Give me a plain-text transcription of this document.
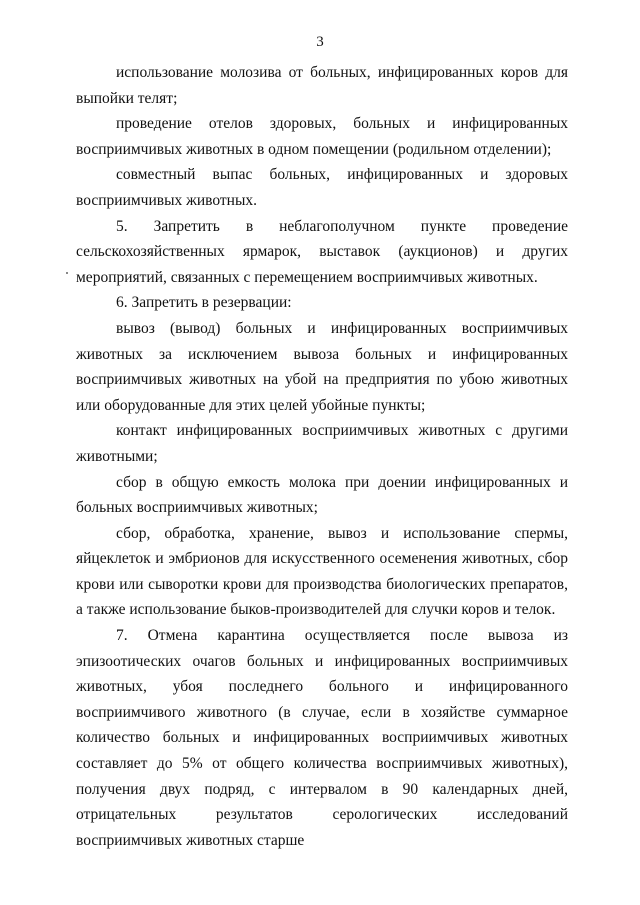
3

использование молозива от больных, инфицированных коров для выпойки телят;

проведение отелов здоровых, больных и инфицированных восприимчивых животных в одном помещении (родильном отделении);

совместный выпас больных, инфицированных и здоровых восприимчивых животных.

5. Запретить в неблагополучном пункте проведение сельскохозяйственных ярмарок, выставок (аукционов) и других мероприятий, связанных с перемещением восприимчивых животных.

6. Запретить в резервации:

вывоз (вывод) больных и инфицированных восприимчивых животных за исключением вывоза больных и инфицированных восприимчивых животных на убой на предприятия по убою животных или оборудованные для этих целей убойные пункты;

контакт инфицированных восприимчивых животных с другими животными;

сбор в общую емкость молока при доении инфицированных и больных восприимчивых животных;

сбор, обработка, хранение, вывоз и использование спермы, яйцеклеток и эмбрионов для искусственного осеменения животных, сбор крови или сыворотки крови для производства биологических препаратов, а также использование быков-производителей для случки коров и телок.

7. Отмена карантина осуществляется после вывоза из эпизоотических очагов больных и инфицированных восприимчивых животных, убоя последнего больного и инфицированного восприимчивого животного (в случае, если в хозяйстве суммарное количество больных и инфицированных восприимчивых животных составляет до 5% от общего количества восприимчивых животных), получения двух подряд, с интервалом в 90 календарных дней, отрицательных результатов серологических исследований восприимчивых животных старше
